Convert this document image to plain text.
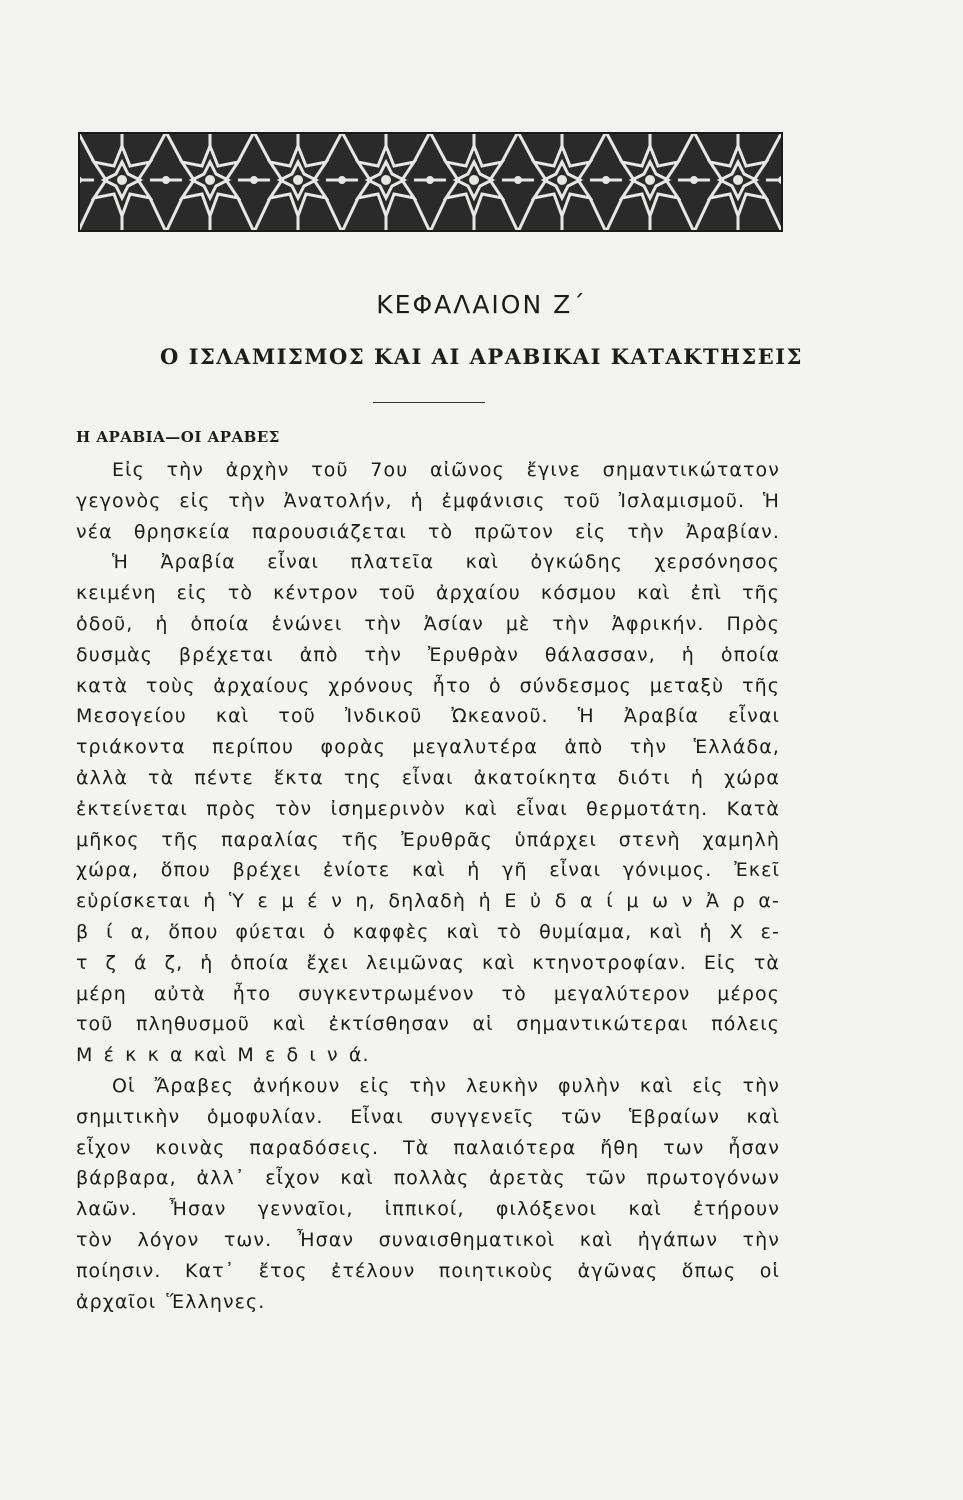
ΚΕΦΑΛΑΙΟΝ Ζ΄
Ο ΙΣΛΑΜΙΣΜΟΣ ΚΑΙ ΑΙ ΑΡΑΒΙΚΑΙ ΚΑΤΑΚΤΗΣΕΙΣ
Η ΑΡΑΒΙΑ—ΟΙ ΑΡΑΒΕΣ
Εἰς τὴν ἀρχὴν τοῦ 7ου αἰῶνος ἔγινε σημαντικώτατον
γεγονὸς εἰς τὴν Ἀνατολήν, ἡ ἐμφάνισις τοῦ Ἰσλαμισμοῦ. Ἡ
νέα θρησκεία παρουσιάζεται τὸ πρῶτον εἰς τὴν Ἀραβίαν.
Ἡ Ἀραβία εἶναι πλατεῖα καὶ ὀγκώδης χερσόνησος
κειμένη εἰς τὸ κέντρον τοῦ ἀρχαίου κόσμου καὶ ἐπὶ τῆς
ὁδοῦ, ἡ ὁποία ἑνώνει τὴν Ἀσίαν μὲ τὴν Ἀφρικήν. Πρὸς
δυσμὰς βρέχεται ἀπὸ τὴν Ἐρυθρὰν θάλασσαν, ἡ ὁποία
κατὰ τοὺς ἀρχαίους χρόνους ἦτο ὁ σύνδεσμος μεταξὺ τῆς
Μεσογείου καὶ τοῦ Ἰνδικοῦ Ὠκεανοῦ. Ἡ Ἀραβία εἶναι
τριάκοντα περίπου φορὰς μεγαλυτέρα ἀπὸ τὴν Ἑλλάδα,
ἀλλὰ τὰ πέντε ἕκτα της εἶναι ἀκατοίκητα διότι ἡ χώρα
ἐκτείνεται πρὸς τὸν ἰσημερινὸν καὶ εἶναι θερμοτάτη. Κατὰ
μῆκος τῆς παραλίας τῆς Ἐρυθρᾶς ὑπάρχει στενὴ χαμηλὴ
χώρα, ὅπου βρέχει ἐνίοτε καὶ ἡ γῆ εἶναι γόνιμος. Ἐκεῖ
εὑρίσκεται ἡ Ὑ ε μ έ ν η, δηλαδὴ ἡ Ε ὐ δ α ί μ ω ν Ἀ ρ α-
β ί α, ὅπου φύεται ὁ καφφὲς καὶ τὸ θυμίαμα, καὶ ἡ Χ ε-
τ ζ ά ζ, ἡ ὁποία ἔχει λειμῶνας καὶ κτηνοτροφίαν. Εἰς τὰ
μέρη αὐτὰ ἦτο συγκεντρωμένον τὸ μεγαλύτερον μέρος
τοῦ πληθυσμοῦ καὶ ἐκτίσθησαν αἱ σημαντικώτεραι πόλεις
Μ έ κ κ α καὶ Μ ε δ ι ν ά.
Οἱ Ἄραβες ἀνήκουν εἰς τὴν λευκὴν φυλὴν καὶ εἰς τὴν
σημιτικὴν ὁμοφυλίαν. Εἶναι συγγενεῖς τῶν Ἑβραίων καὶ
εἶχον κοινὰς παραδόσεις. Τὰ παλαιότερα ἤθη των ἦσαν
βάρβαρα, ἀλλ᾽ εἶχον καὶ πολλὰς ἀρετὰς τῶν πρωτογόνων
λαῶν. Ἦσαν γενναῖοι, ἱππικοί, φιλόξενοι καὶ ἐτήρουν
τὸν λόγον των. Ἦσαν συναισθηματικοὶ καὶ ἠγάπων τὴν
ποίησιν. Κατ᾽ ἔτος ἐτέλουν ποιητικοὺς ἀγῶνας ὅπως οἱ
ἀρχαῖοι Ἕλληνες.
